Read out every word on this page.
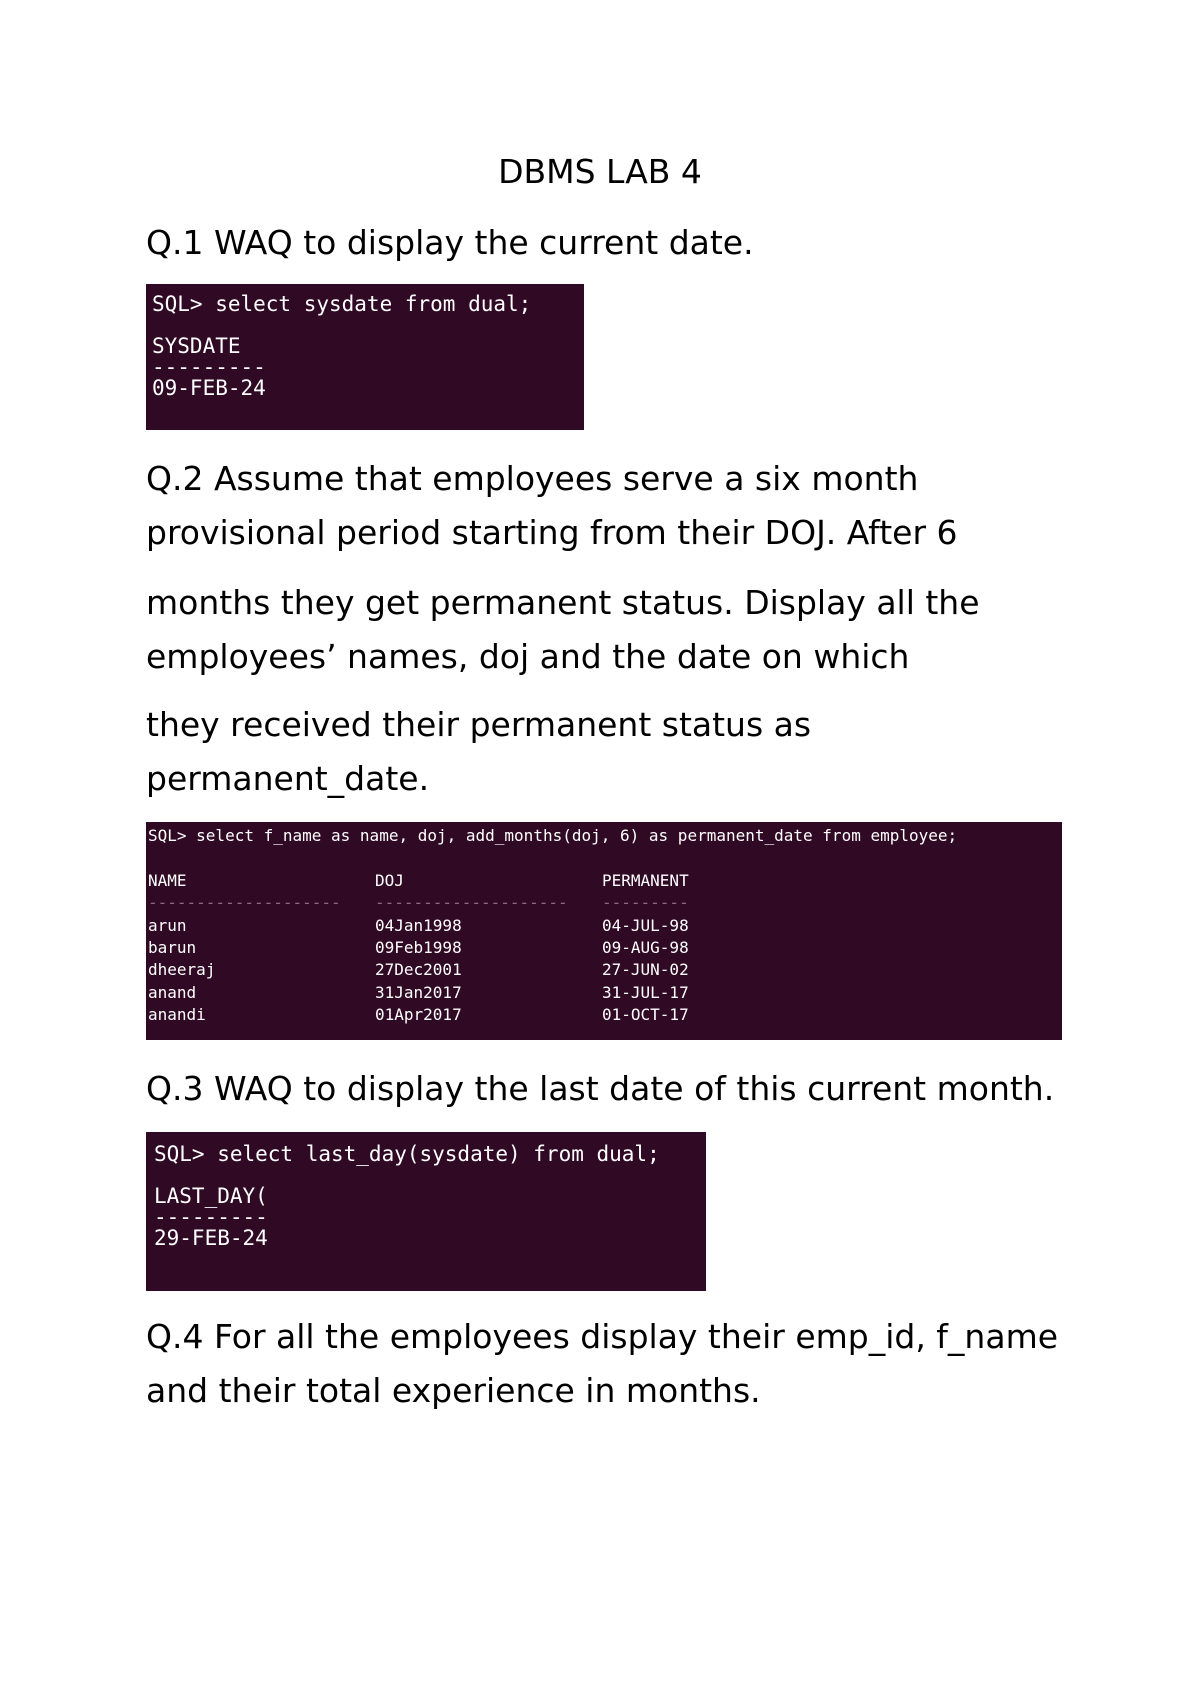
DBMS LAB 4
Q.1 WAQ to display the current date.
SQL> select sysdate from dual;
SYSDATE
---------
09-FEB-24
Q.2 Assume that employees serve a six month
provisional period starting from their DOJ. After 6
months they get permanent status. Display all the
employees’ names, doj and the date on which
they received their permanent status as
permanent_date.
SQL> select f_name as name, doj, add_months(doj, 6) as permanent_date from employee;
NAME	DOJ	PERMANENT
--------------------	--------------------	---------
arun	04Jan1998	04-JUL-98
barun	09Feb1998	09-AUG-98
dheeraj	27Dec2001	27-JUN-02
anand	31Jan2017	31-JUL-17
anandi	01Apr2017	01-OCT-17
Q.3 WAQ to display the last date of this current month.
SQL> select last_day(sysdate) from dual;
LAST_DAY(
---------
29-FEB-24
Q.4 For all the employees display their emp_id, f_name
and their total experience in months.
